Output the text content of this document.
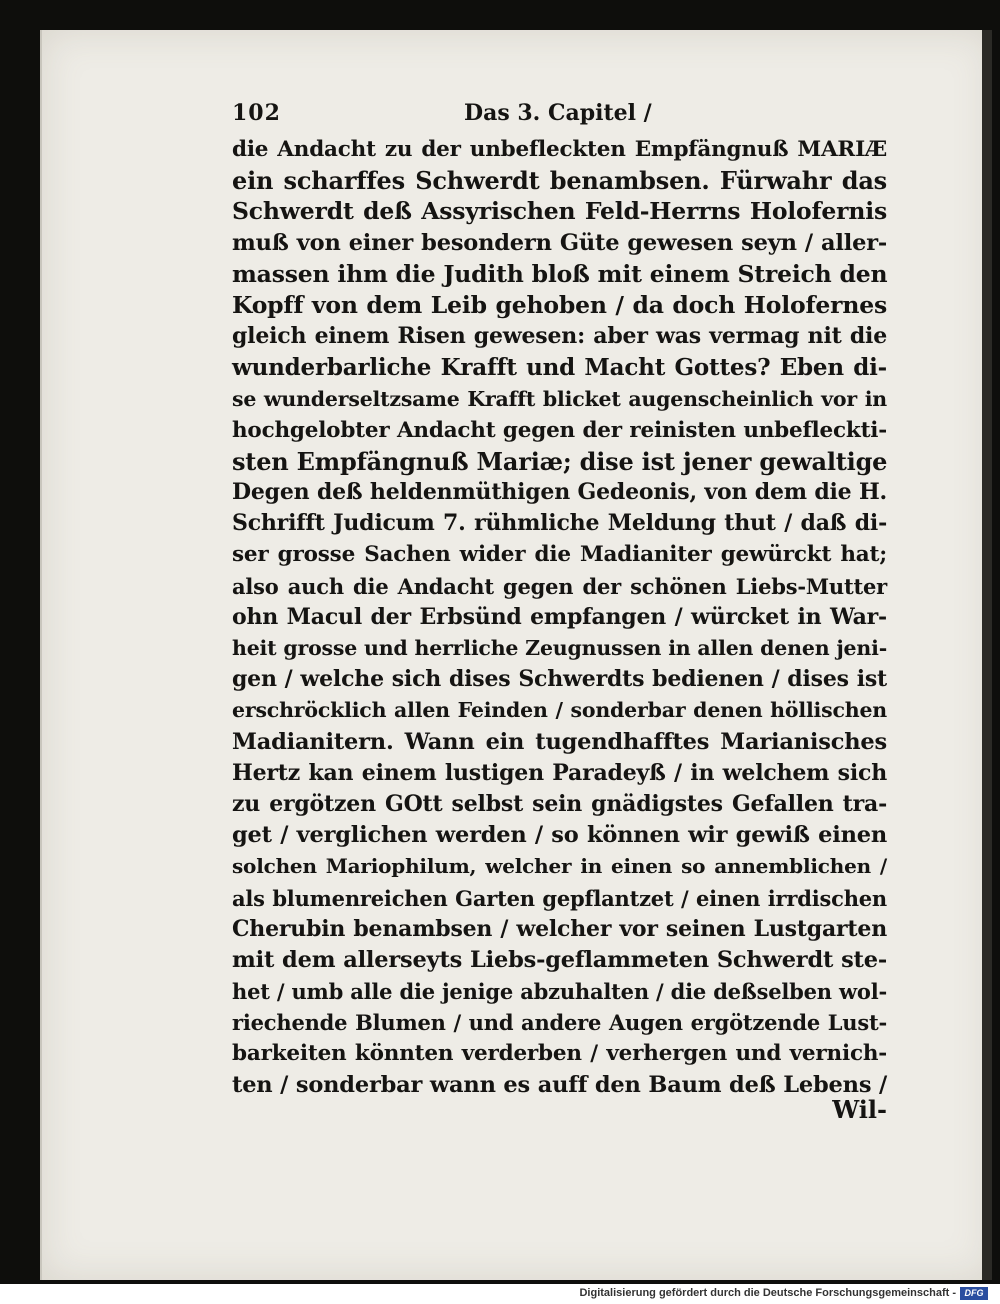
102	Das 3. Capitel /
die Andacht zu der unbefleckten Empfängnuß MARIÆ
ein scharffes Schwerdt benambsen. Fürwahr das
Schwerdt deß Assyrischen Feld-Herrns Holofernis
muß von einer besondern Güte gewesen seyn / aller-
massen ihm die Judith bloß mit einem Streich den
Kopff von dem Leib gehoben / da doch Holofernes
gleich einem Risen gewesen: aber was vermag nit die
wunderbarliche Krafft und Macht Gottes? Eben di-
se wunderseltzsame Krafft blicket augenscheinlich vor in
hochgelobter Andacht gegen der reinisten unbefleckti-
sten Empfängnuß Mariæ; dise ist jener gewaltige
Degen deß heldenmüthigen Gedeonis, von dem die H.
Schrifft Judicum 7. rühmliche Meldung thut / daß di-
ser grosse Sachen wider die Madianiter gewürckt hat;
also auch die Andacht gegen der schönen Liebs-Mutter
ohn Macul der Erbsünd empfangen / würcket in War-
heit grosse und herrliche Zeugnussen in allen denen jeni-
gen / welche sich dises Schwerdts bedienen / dises ist
erschröcklich allen Feinden / sonderbar denen höllischen
Madianitern. Wann ein tugendhafftes Marianisches
Hertz kan einem lustigen Paradeyß / in welchem sich
zu ergötzen GOtt selbst sein gnädigstes Gefallen tra-
get / verglichen werden / so können wir gewiß einen
solchen Mariophilum, welcher in einen so annemblichen /
als blumenreichen Garten gepflantzet / einen irrdischen
Cherubin benambsen / welcher vor seinen Lustgarten
mit dem allerseyts Liebs-geflammeten Schwerdt ste-
het / umb alle die jenige abzuhalten / die deßselben wol-
riechende Blumen / und andere Augen ergötzende Lust-
barkeiten könnten verderben / verhergen und vernich-
ten / sonderbar wann es auff den Baum deß Lebens /
Wil-
Digitalisierung gefördert durch die Deutsche Forschungsgemeinschaft - DFG
